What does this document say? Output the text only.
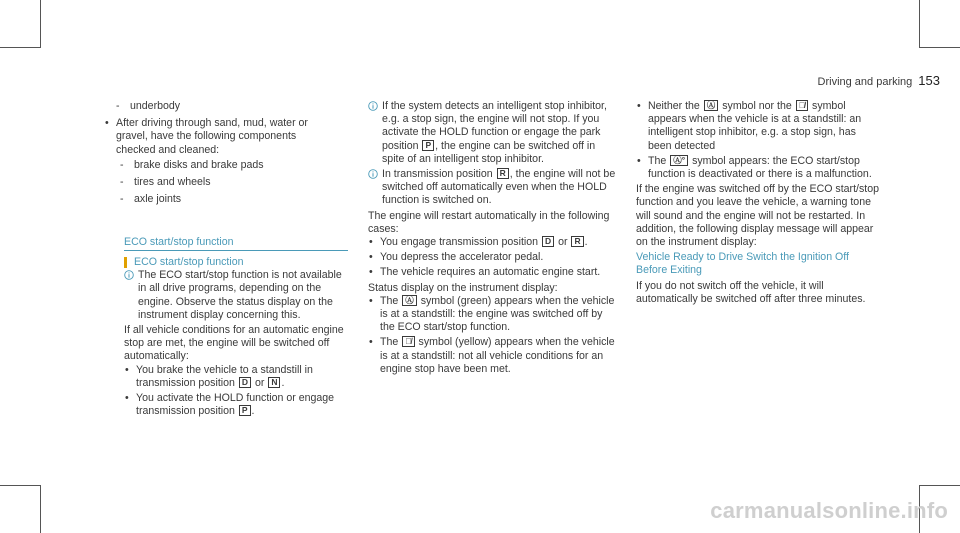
Driving and parking 153
- underbody
• After driving through sand, mud, water or gravel, have the following components checked and cleaned:
- brake disks and brake pads
- tires and wheels
- axle joints
ECO start/stop function
ECO start/stop function
The ECO start/stop function is not available in all drive programs, depending on the engine. Observe the status display on the instrument display concerning this.

If all vehicle conditions for an automatic engine stop are met, the engine will be switched off automatically:

• You brake the vehicle to a standstill in transmission position D or N .
• You activate the HOLD function or engage transmission position P .
If the system detects an intelligent stop inhibitor, e.g. a stop sign, the engine will not stop. If you activate the HOLD function or engage the park position P , the engine can be switched off in spite of an intelligent stop inhibitor.
In transmission position R , the engine will not be switched off automatically even when the HOLD function is switched on.

The engine will restart automatically in the following cases:

• You engage transmission position D or R .
• You depress the accelerator pedal.
• The vehicle requires an automatic engine start.

Status display on the instrument display:

• The Ⓐ symbol (green) appears when the vehicle is at a standstill: the engine was switched off by the ECO start/stop function.
• The Ⓐ̸ symbol (yellow) appears when the vehicle is at a standstill: not all vehicle conditions for an engine stop have been met.
• Neither the Ⓐ symbol nor the Ⓐ̸ symbol appears when the vehicle is at a standstill: an intelligent stop inhibitor, e.g. a stop sign, has been detected
• The Ⓐ° symbol appears: the ECO start/stop function is deactivated or there is a malfunction.

If the engine was switched off by the ECO start/stop function and you leave the vehicle, a warning tone will sound and the engine will not be restarted. In addition, the following display message will appear on the instrument display:

Vehicle Ready to Drive Switch the Ignition Off Before Exiting

If you do not switch off the vehicle, it will automatically be switched off after three minutes.

carmanualsonline.info
